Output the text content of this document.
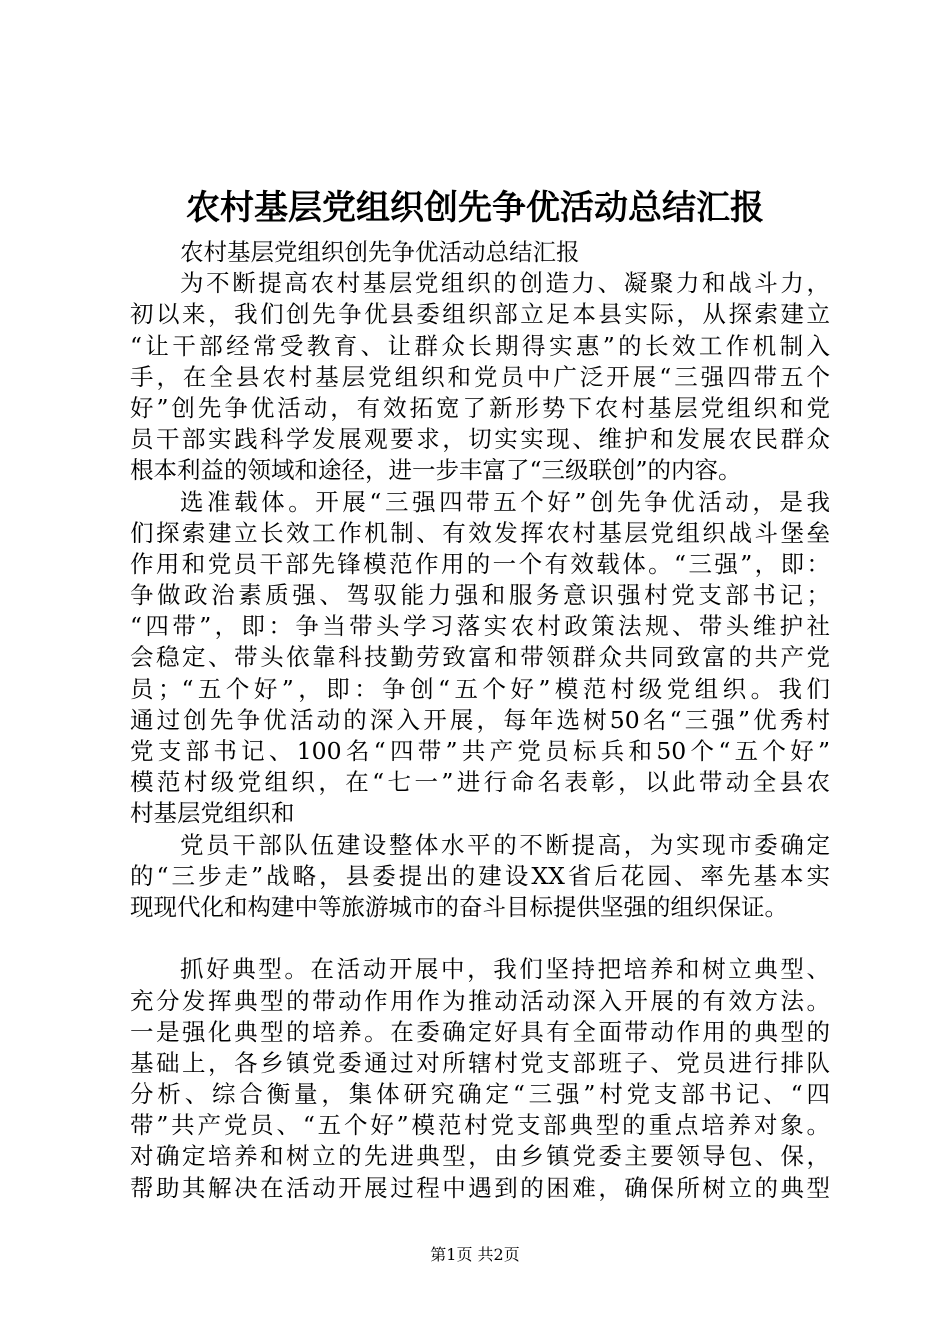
农村基层党组织创先争优活动总结汇报
农村基层党组织创先争优活动总结汇报
为不断提高农村基层党组织的创造力、凝聚力和战斗力，
初以来，我们创先争优县委组织部立足本县实际，从探索建立
“让干部经常受教育、让群众长期得实惠”的长效工作机制入
手，在全县农村基层党组织和党员中广泛开展“三强四带五个
好”创先争优活动，有效拓宽了新形势下农村基层党组织和党
员干部实践科学发展观要求，切实实现、维护和发展农民群众
根本利益的领域和途径，进一步丰富了“三级联创”的内容。
选准载体。开展“三强四带五个好”创先争优活动，是我
们探索建立长效工作机制、有效发挥农村基层党组织战斗堡垒
作用和党员干部先锋模范作用的一个有效载体。“三强”，即：
争做政治素质强、驾驭能力强和服务意识强村党支部书记；
“四带”，即：争当带头学习落实农村政策法规、带头维护社
会稳定、带头依靠科技勤劳致富和带领群众共同致富的共产党
员；“五个好”，即：争创“五个好”模范村级党组织。我们
通过创先争优活动的深入开展，每年选树50名“三强”优秀村
党支部书记、100名“四带”共产党员标兵和50个“五个好”
模范村级党组织，在“七一”进行命名表彰，以此带动全县农
村基层党组织和
党员干部队伍建设整体水平的不断提高，为实现市委确定
的“三步走”战略，县委提出的建设XX省后花园、率先基本实
现现代化和构建中等旅游城市的奋斗目标提供坚强的组织保证。
抓好典型。在活动开展中，我们坚持把培养和树立典型、
充分发挥典型的带动作用作为推动活动深入开展的有效方法。
一是强化典型的培养。在委确定好具有全面带动作用的典型的
基础上，各乡镇党委通过对所辖村党支部班子、党员进行排队
分析、综合衡量，集体研究确定“三强”村党支部书记、“四
带”共产党员、“五个好”模范村党支部典型的重点培养对象。
对确定培养和树立的先进典型，由乡镇党委主要领导包、保，
帮助其解决在活动开展过程中遇到的困难，确保所树立的典型
第1页 共2页
